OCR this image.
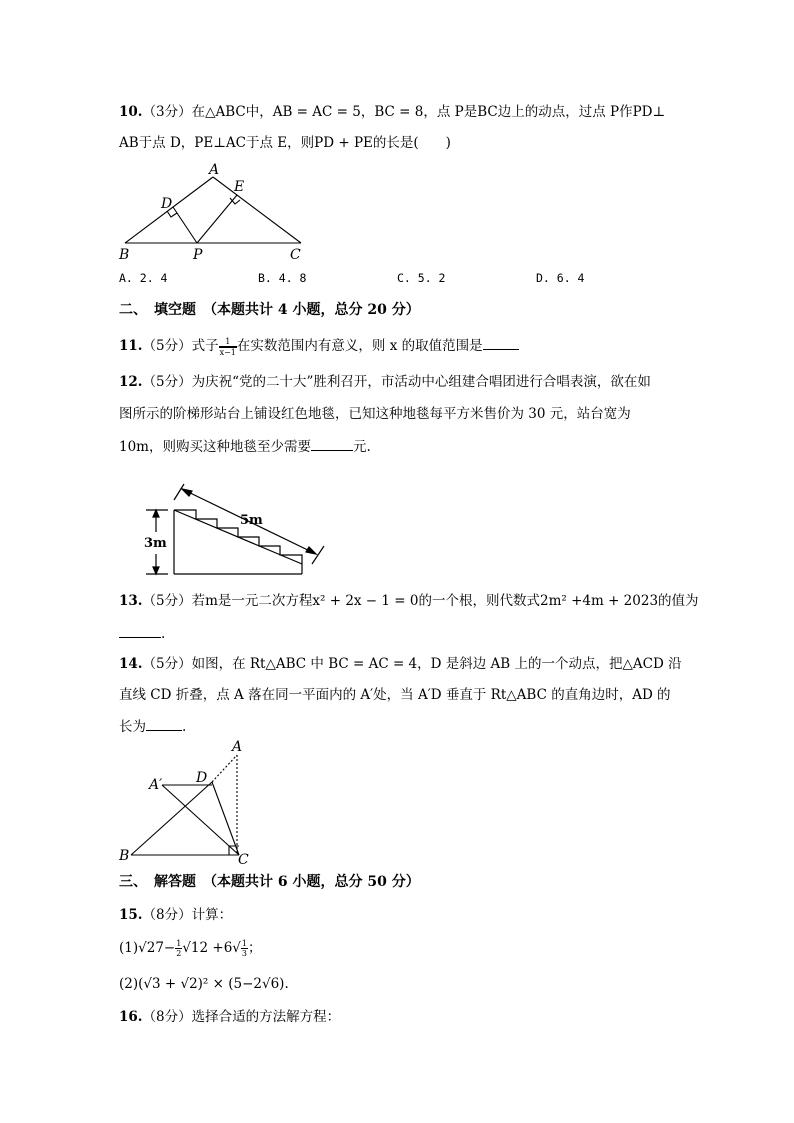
10.（3分）在△ABC中，AB = AC = 5，BC = 8，点 P是BC边上的动点，过点 P作PD⊥
AB于点 D，PE⊥AC于点 E，则PD + PE的长是(　　)
A
E
D
B	P	C
A. 2. 4	B. 4. 8	C. 5. 2	D. 6. 4
二、　填空题　（本题共计 4 小题，总分 20 分）
11.（5分）式子 $\frac{1}{x-1}$ 在实数范围内有意义，则 x 的取值范围是
12.（5分）为庆祝“党的二十大”胜利召开，市活动中心组建合唱团进行合唱表演，欲在如
图所示的阶梯形站台上铺设红色地毯，已知这种地毯每平方米售价为 30 元，站台宽为
10m，则购买这种地毯至少需要	元.
5m
3m
13.（5分）若m是一元二次方程x² + 2x − 1 = 0的一个根，则代数式2m² +4m + 2023的值为
.
14.（5分）如图，在 Rt△ABC 中 BC = AC = 4，D 是斜边 AB 上的一个动点，把△ACD 沿
直线 CD 折叠，点 A 落在同一平面内的 A′处，当 A′D 垂直于 Rt△ABC 的直角边时，AD 的
长为	.
A
A′ D
B	C
三、　解答题　（本题共计 6 小题，总分 50 分）
15.（8分）计算：
$(1)√27- \frac{1}{2} √12 +6√ \frac{1}{3}$ ；
(2)(√3 + √2)² × (5−2√6).
16.（8分）选择合适的方法解方程：
